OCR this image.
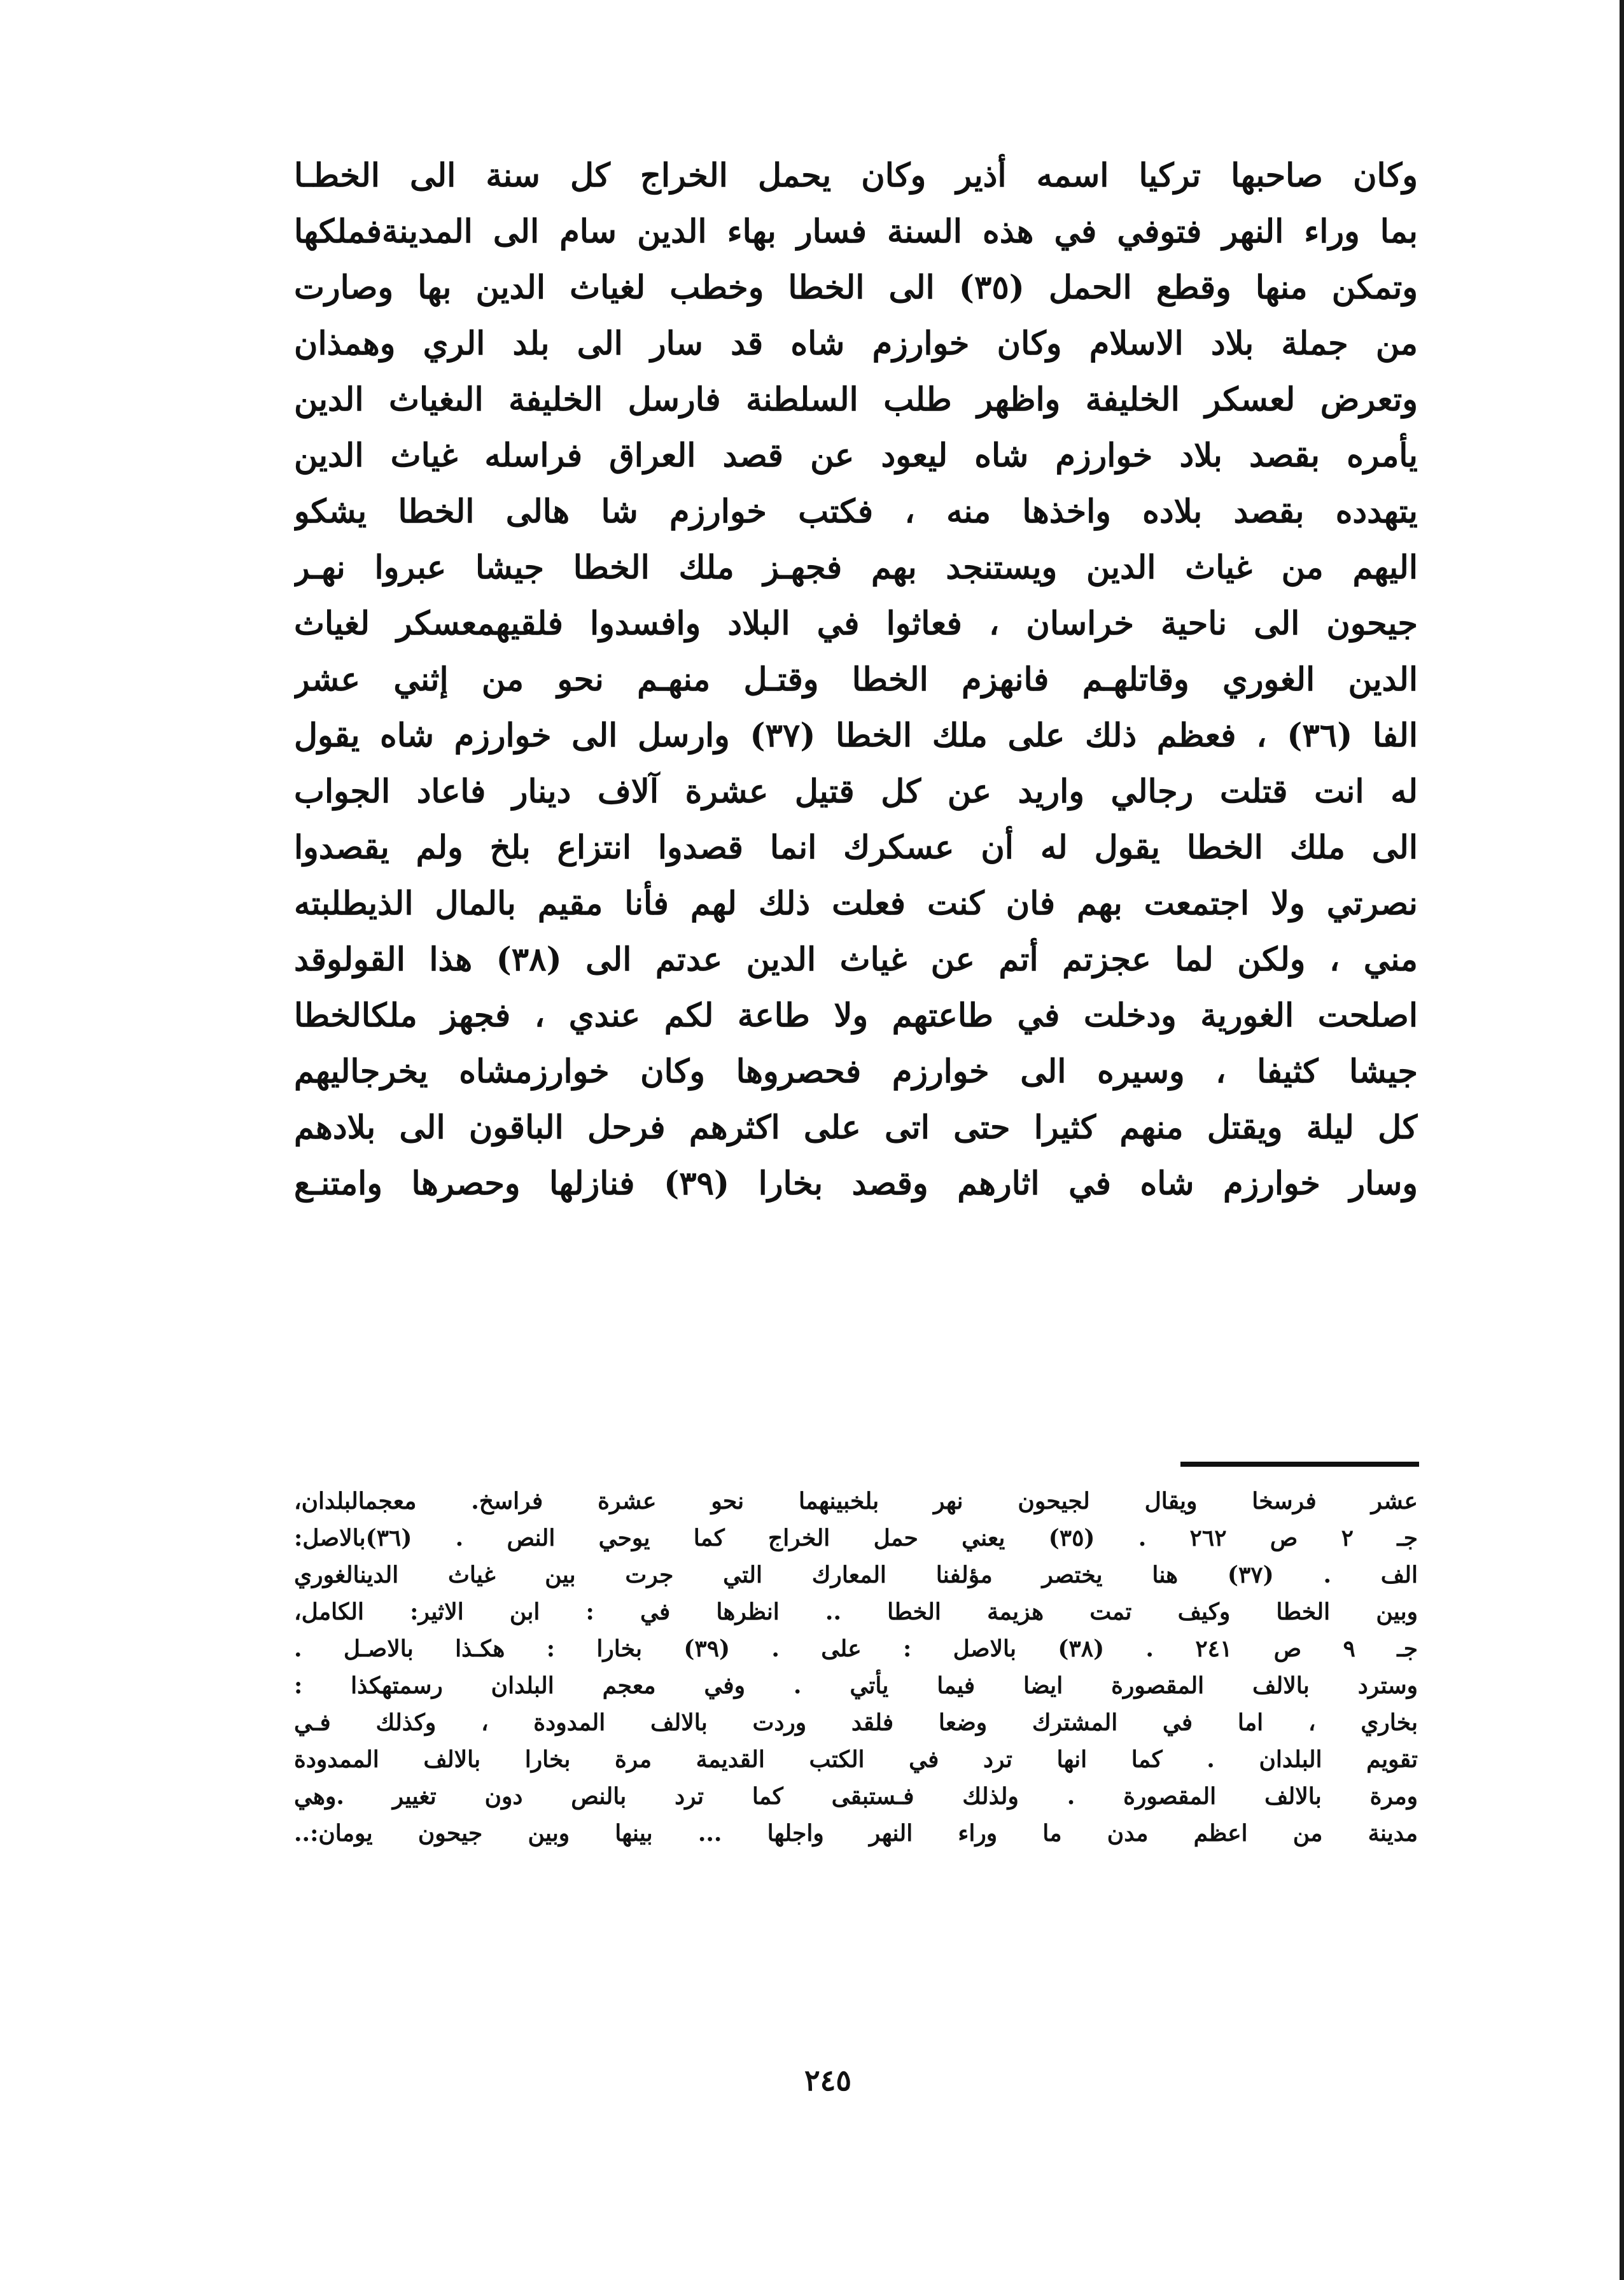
وكان صاحبها تركيا اسمه أذير وكان يحمل الخراج كل سنة الى الخطـا
بما وراء النهر فتوفي في هذه السنة فسار بهاء الدين سام الى المدينةفملكها
وتمكن منها وقطع الحمل (٣٥) الى الخطا وخطب لغياث الدين بها وصارت
من جملة بلاد الاسلام وكان خوارزم شاه قد سار الى بلد الري وهمذان
وتعرض لعسكر الخليفة واظهر طلب السلطنة فارسل الخليفة الىغياث الدين
يأمره بقصد بلاد خوارزم شاه ليعود عن قصد العراق فراسله غياث الدين
يتهدده بقصد بلاده واخذها منه ، فكتب خوارزم شا هالى الخطا يشكو
اليهم من غياث الدين ويستنجد بهم فجهـز ملك الخطا جيشا عبروا نهـر
جيحون الى ناحية خراسان ، فعاثوا في البلاد وافسدوا فلقيهمعسكر لغياث
الدين الغوري وقاتلهـم فانهزم الخطا وقتـل منهـم نحو من إثني عشر
الفا (٣٦) ، فعظم ذلك على ملك الخطا (٣٧) وارسل الى خوارزم شاه يقول
له انت قتلت رجالي واريد عن كل قتيل عشرة آلاف دينار فاعاد الجواب
الى ملك الخطا يقول له أن عسكرك انما قصدوا انتزاع بلخ ولم يقصدوا
نصرتي ولا اجتمعت بهم فان كنت فعلت ذلك لهم فأنا مقيم بالمال الذيطلبته
مني ، ولكن لما عجزتم أتم عن غياث الدين عدتم الى (٣٨) هذا القولوقد
اصلحت الغورية ودخلت في طاعتهم ولا طاعة لكم عندي ، فجهز ملكالخطا
جيشا كثيفا ، وسيره الى خوارزم فحصروها وكان خوارزمشاه يخرجاليهم
كل ليلة ويقتل منهم كثيرا حتى اتى على اكثرهم فرحل الباقون الى بلادهم
وسار خوارزم شاه في اثارهم وقصد بخارا (٣٩) فنازلها وحصرها وامتنـع
عشر فرسخا ويقال لجيحون نهر بلخبينهما نحو عشرة فراسخ. معجمالبلدان،
جـ ٢ ص ٢٦٢ . (٣٥) يعني حمل الخراج كما يوحي النص . (٣٦)بالاصل:
الف . (٣٧) هنا يختصر مؤلفنا المعارك التي جرت بين غياث الدينالغوري
وبين الخطا وكيف تمت هزيمة الخطا .. انظرها في : ابن الاثير: الكامل،
جـ ٩ ص ٢٤١ . (٣٨) بالاصل : على . (٣٩) بخارا : هكـذا بالاصـل .
وسترد بالالف المقصورة ايضا فيما يأتي . وفي معجم البلدان رسمتهكذا :
بخاري ، اما في المشترك وضعا فلقد وردت بالالف المدودة ، وكذلك فـي
تقويم البلدان . كما انها ترد في الكتب القديمة مرة بخارا بالالف الممدودة
ومرة بالالف المقصورة . ولذلك فـستبقى كما ترد بالنص دون تغيير .وهي
مدينة من اعظم مدن ما وراء النهر واجلها ... بينها وبين جيحون يومان:..
٢٤٥
